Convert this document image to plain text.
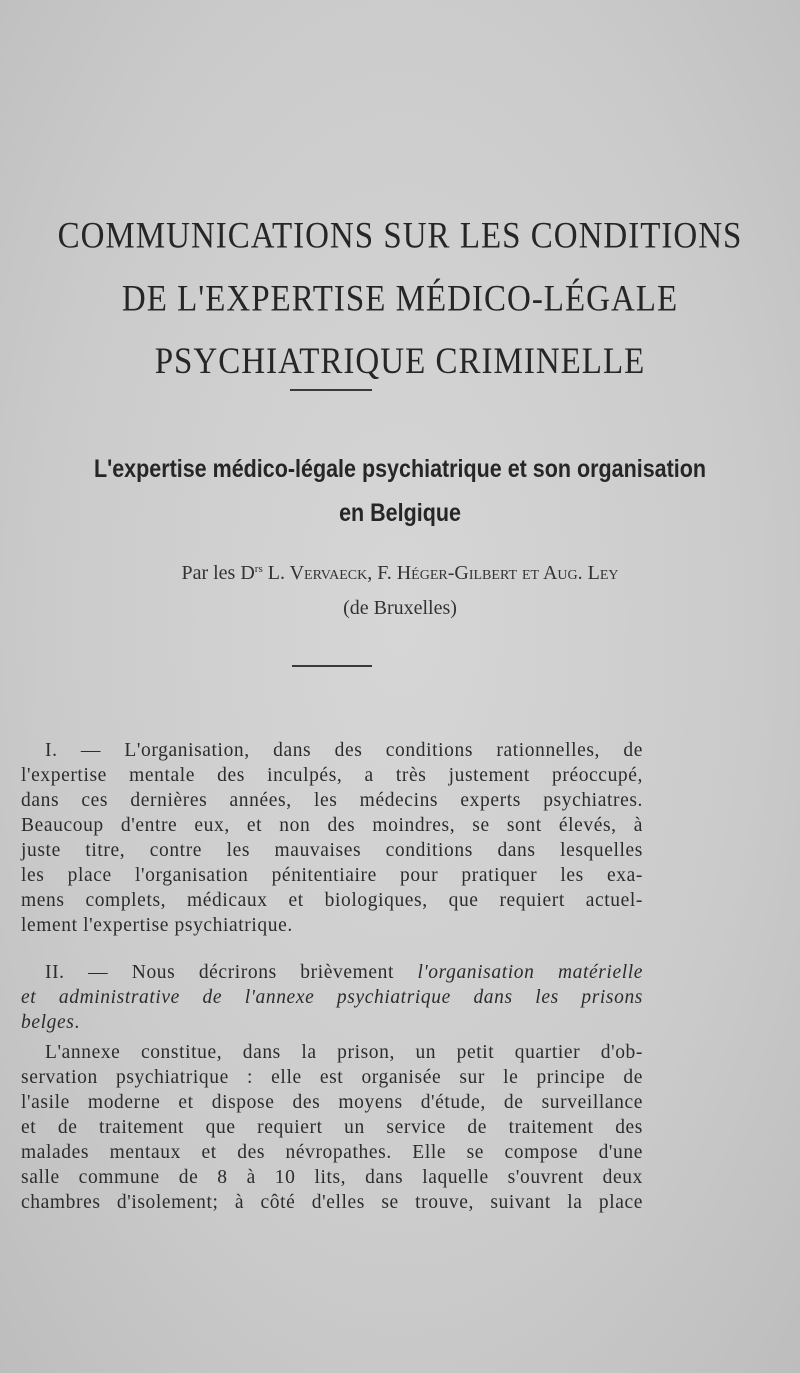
COMMUNICATIONS SUR LES CONDITIONS
DE L'EXPERTISE MÉDICO-LÉGALE
PSYCHIATRIQUE CRIMINELLE
L'expertise médico-légale psychiatrique et son organisation
en Belgique
Par les $D^{rs}$ L. Vervaeck, F. Héger-Gilbert et Aug. Ley
(de Bruxelles)
I. — L'organisation, dans des conditions rationnelles, de
l'expertise mentale des inculpés, a très justement préoccupé,
dans ces dernières années, les médecins experts psychiatres.
Beaucoup d'entre eux, et non des moindres, se sont élevés, à
juste titre, contre les mauvaises conditions dans lesquelles
les place l'organisation pénitentiaire pour pratiquer les exa-
mens complets, médicaux et biologiques, que requiert actuel-
lement l'expertise psychiatrique.
II. — Nous décrirons brièvement l'organisation matérielle
et administrative de l'annexe psychiatrique dans les prisons
belges.
L'annexe constitue, dans la prison, un petit quartier d'ob-
servation psychiatrique : elle est organisée sur le principe de
l'asile moderne et dispose des moyens d'étude, de surveillance
et de traitement que requiert un service de traitement des
malades mentaux et des névropathes. Elle se compose d'une
salle commune de 8 à 10 lits, dans laquelle s'ouvrent deux
chambres d'isolement; à côté d'elles se trouve, suivant la place
